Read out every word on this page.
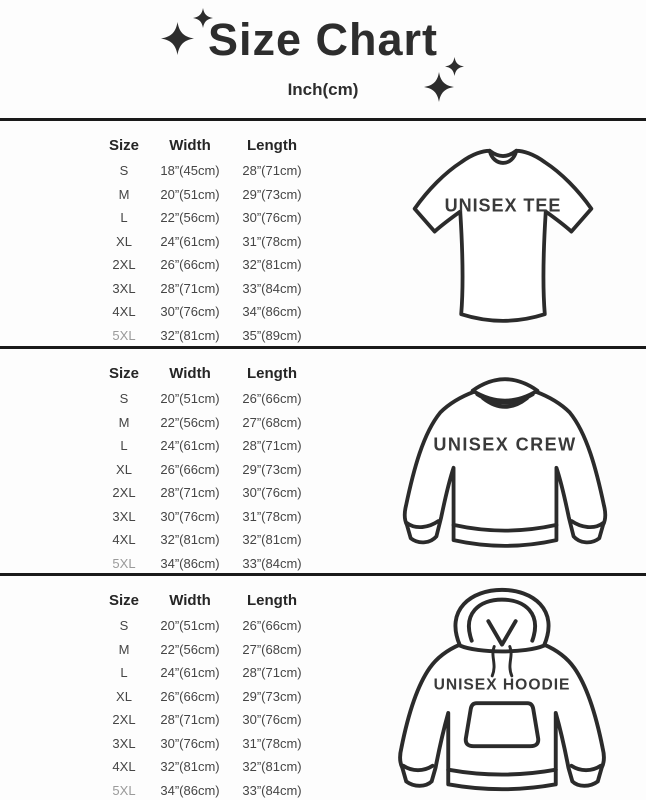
Size Chart
Inch(cm)
Size	Width	Length
S	18”(45cm)	28”(71cm)
M	20”(51cm)	29”(73cm)
L	22”(56cm)	30”(76cm)
XL	24”(61cm)	31”(78cm)
2XL	26”(66cm)	32”(81cm)
3XL	28”(71cm)	33”(84cm)
4XL	30”(76cm)	34”(86cm)
5XL	32”(81cm)	35”(89cm)
UNISEX TEE
Size	Width	Length
S	20”(51cm)	26”(66cm)
M	22”(56cm)	27”(68cm)
L	24”(61cm)	28”(71cm)
XL	26”(66cm)	29”(73cm)
2XL	28”(71cm)	30”(76cm)
3XL	30”(76cm)	31”(78cm)
4XL	32”(81cm)	32”(81cm)
5XL	34”(86cm)	33”(84cm)
UNISEX CREW
Size	Width	Length
S	20”(51cm)	26”(66cm)
M	22”(56cm)	27”(68cm)
L	24”(61cm)	28”(71cm)
XL	26”(66cm)	29”(73cm)
2XL	28”(71cm)	30”(76cm)
3XL	30”(76cm)	31”(78cm)
4XL	32”(81cm)	32”(81cm)
5XL	34”(86cm)	33”(84cm)
UNISEX HOODIE
